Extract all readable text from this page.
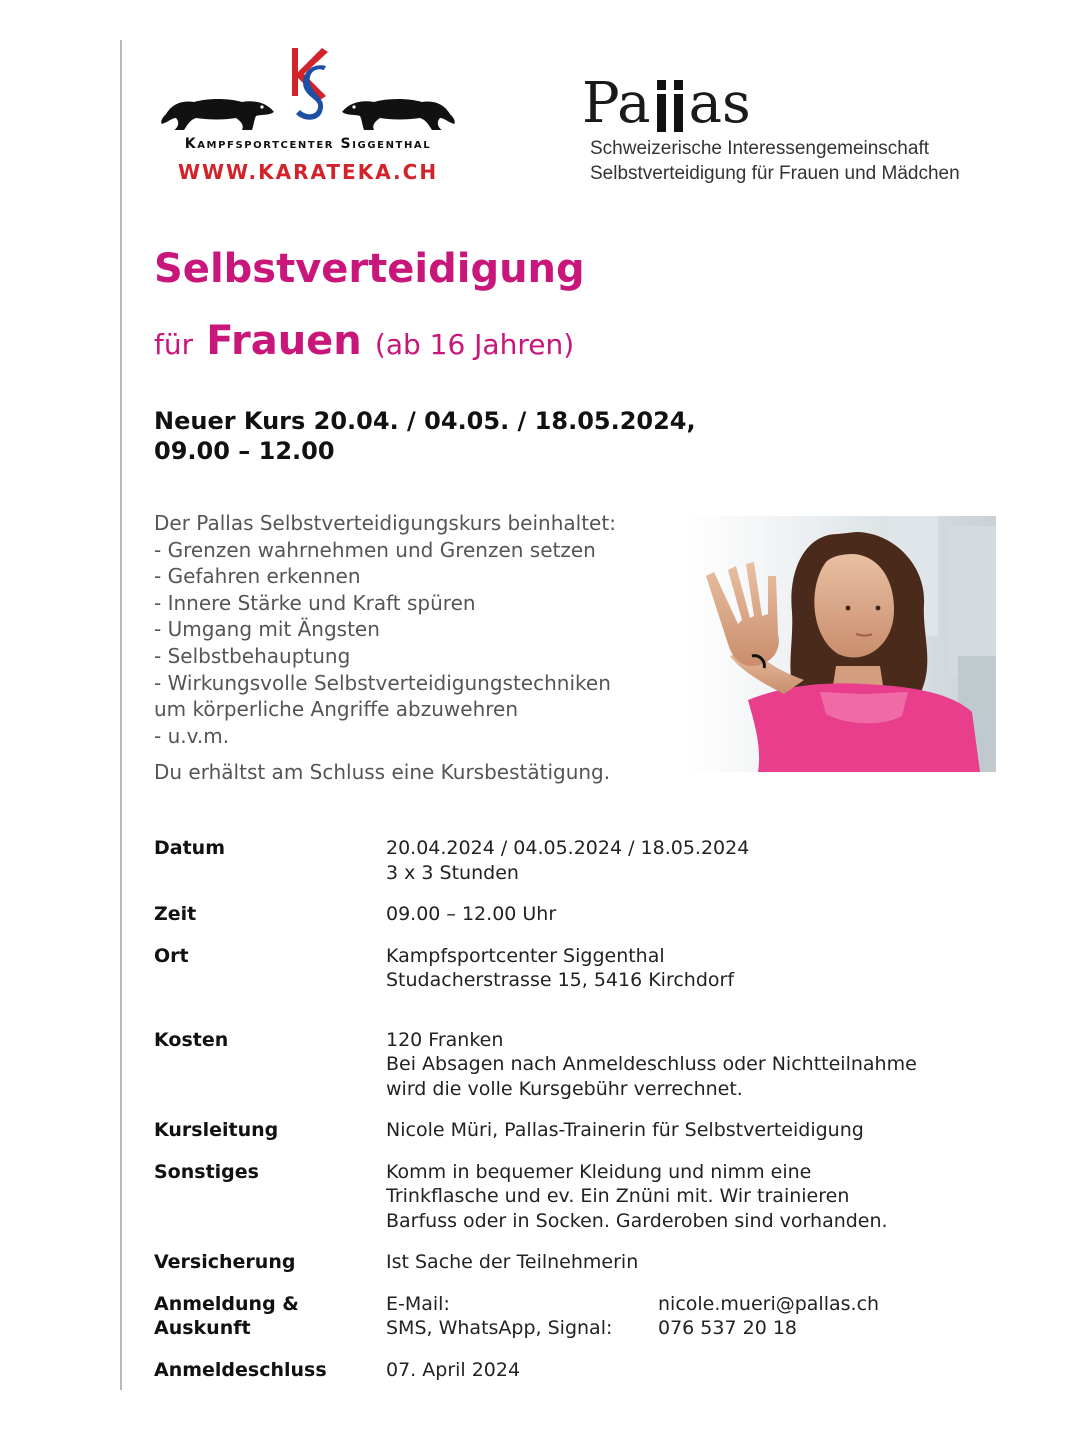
Kampfsportcenter Siggenthal
WWW.KARATEKA.CH
Pa as
Schweizerische Interessengemeinschaft
Selbstverteidigung für Frauen und Mädchen
Selbstverteidigung
für Frauen (ab 16 Jahren)
Neuer Kurs 20.04. / 04.05. / 18.05.2024,
09.00 – 12.00
Der Pallas Selbstverteidigungskurs beinhaltet:
- Grenzen wahrnehmen und Grenzen setzen
- Gefahren erkennen
- Innere Stärke und Kraft spüren
- Umgang mit Ängsten
- Selbstbehauptung
- Wirkungsvolle Selbstverteidigungstechniken
um körperliche Angriffe abzuwehren
- u.v.m.
Du erhältst am Schluss eine Kursbestätigung.
Datum	20.04.2024 / 04.05.2024 / 18.05.2024
3 x 3 Stunden
Zeit	09.00 – 12.00 Uhr
Ort	Kampfsportcenter Siggenthal
Studacherstrasse 15, 5416 Kirchdorf
Kosten	120 Franken
Bei Absagen nach Anmeldeschluss oder Nichtteilnahme
wird die volle Kursgebühr verrechnet.
Kursleitung	Nicole Müri, Pallas-Trainerin für Selbstverteidigung
Sonstiges	Komm in bequemer Kleidung und nimm eine
Trinkflasche und ev. Ein Znüni mit. Wir trainieren
Barfuss oder in Socken. Garderoben sind vorhanden.
Versicherung	Ist Sache der Teilnehmerin
Anmeldung &
Auskunft
E-Mail:	nicole.mueri@pallas.ch
SMS, WhatsApp, Signal:	076 537 20 18
Anmeldeschluss	07. April 2024
